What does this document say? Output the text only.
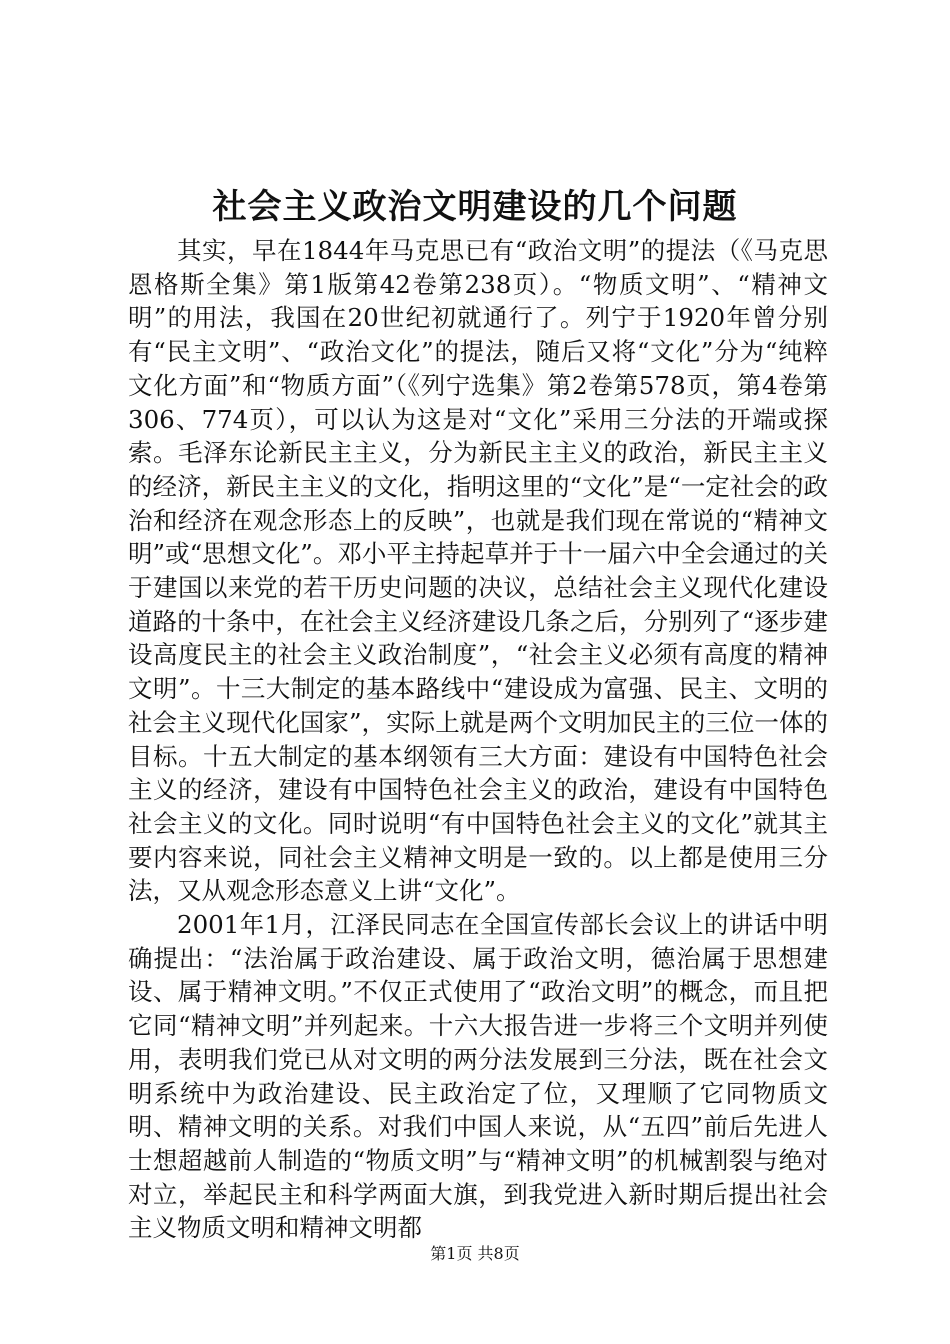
社会主义政治文明建设的几个问题

其实，早在1844年马克思已有“政治文明”的提法（《马克思恩格斯全集》第1版第42卷第238页）。“物质文明”、“精神文明”的用法，我国在20世纪初就通行了。列宁于1920年曾分别有“民主文明”、“政治文化”的提法，随后又将“文化”分为“纯粹文化方面”和“物质方面”（《列宁选集》第2卷第578页，第4卷第306、774页），可以认为这是对“文化”采用三分法的开端或探索。毛泽东论新民主主义，分为新民主主义的政治，新民主主义的经济，新民主主义的文化，指明这里的“文化”是“一定社会的政治和经济在观念形态上的反映”，也就是我们现在常说的“精神文明”或“思想文化”。邓小平主持起草并于十一届六中全会通过的关于建国以来党的若干历史问题的决议，总结社会主义现代化建设道路的十条中，在社会主义经济建设几条之后，分别列了“逐步建设高度民主的社会主义政治制度”，“社会主义必须有高度的精神文明”。十三大制定的基本路线中“建设成为富强、民主、文明的社会主义现代化国家”，实际上就是两个文明加民主的三位一体的目标。十五大制定的基本纲领有三大方面：建设有中国特色社会主义的经济，建设有中国特色社会主义的政治，建设有中国特色社会主义的文化。同时说明“有中国特色社会主义的文化”就其主要内容来说，同社会主义精神文明是一致的。以上都是使用三分法，又从观念形态意义上讲“文化”。

2001年1月，江泽民同志在全国宣传部长会议上的讲话中明确提出：“法治属于政治建设、属于政治文明，德治属于思想建设、属于精神文明。”不仅正式使用了“政治文明”的概念，而且把它同“精神文明”并列起来。十六大报告进一步将三个文明并列使用，表明我们党已从对文明的两分法发展到三分法，既在社会文明系统中为政治建设、民主政治定了位，又理顺了它同物质文明、精神文明的关系。对我们中国人来说，从“五四”前后先进人士想超越前人制造的“物质文明”与“精神文明”的机械割裂与绝对对立，举起民主和科学两面大旗，到我党进入新时期后提出社会主义物质文明和精神文明都

第1页 共8页
